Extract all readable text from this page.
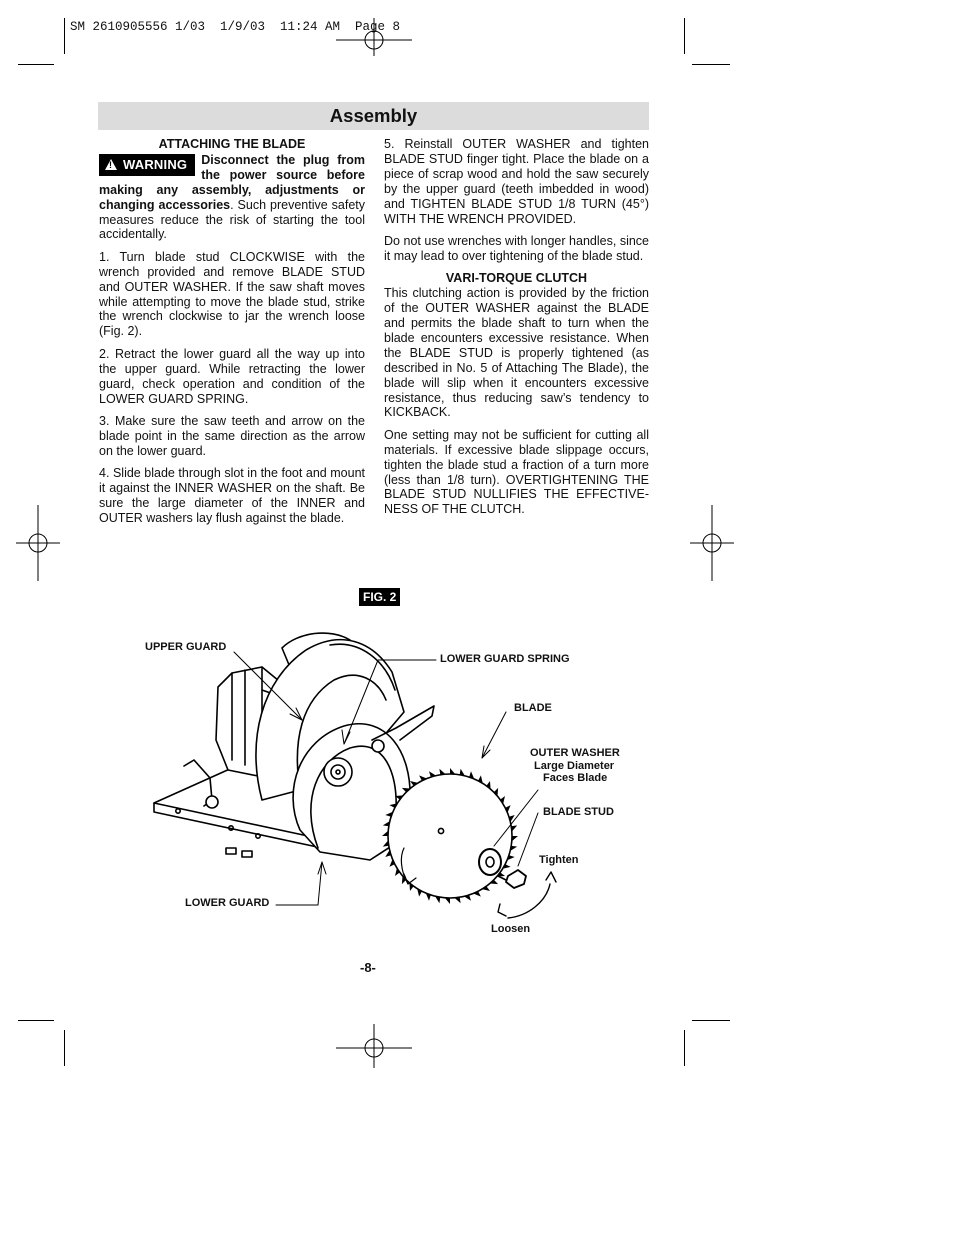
SM 2610905556 1/03  1/9/03  11:24 AM  Page 8
Assembly
ATTACHING THE BLADE

!WARNING	Disconnect the plug from the power source before making any assembly, adjustments or changing accessories. Such preventive safety measures reduce the risk of starting the tool accidentally.

1. Turn blade stud CLOCKWISE with the wrench provided and remove BLADE STUD and OUTER WASHER. If the saw shaft moves while attempting to move the blade stud, strike the wrench clockwise to jar the wrench loose (Fig. 2).

2. Retract the lower guard all the way up into the upper guard. While retracting the lower guard, check operation and condition of the LOWER GUARD SPRING.

3. Make sure the saw teeth and arrow on the blade point in the same direction as the arrow on the lower guard.

4. Slide blade through slot in the foot and mount it against the INNER WASHER on the shaft. Be sure the large diameter of the INNER and OUTER washers lay flush against the blade.

5. Reinstall OUTER WASHER and tighten BLADE STUD finger tight. Place the blade on a piece of scrap wood and hold the saw securely by the upper guard (teeth imbedded in wood) and TIGHTEN BLADE STUD 1/8 TURN (45°) WITH THE WRENCH PROVIDED.

Do not use wrenches with longer handles, since it may lead to over tightening of the blade stud.

VARI-TORQUE CLUTCH

This clutching action is provided by the friction of the OUTER WASHER against the BLADE and permits the blade shaft to turn when the blade encounters excessive resistance. When the BLADE STUD is properly tightened (as described in No. 5 of Attaching The Blade), the blade will slip when it encounters excessive resistance, thus reducing saw’s tendency to KICKBACK.

One setting may not be sufficient for cutting all materials. If excessive blade slippage occurs, tighten the blade stud a fraction of a turn more (less than 1/8 turn). OVERTIGHTENING THE BLADE STUD NULLIFIES THE EFFECTIVE-NESS OF THE CLUTCH.

FIG. 2
UPPER GUARD
LOWER GUARD SPRING
BLADE
OUTER WASHER
Large Diameter
Faces Blade
BLADE STUD
Tighten
Loosen
LOWER GUARD
-8-
